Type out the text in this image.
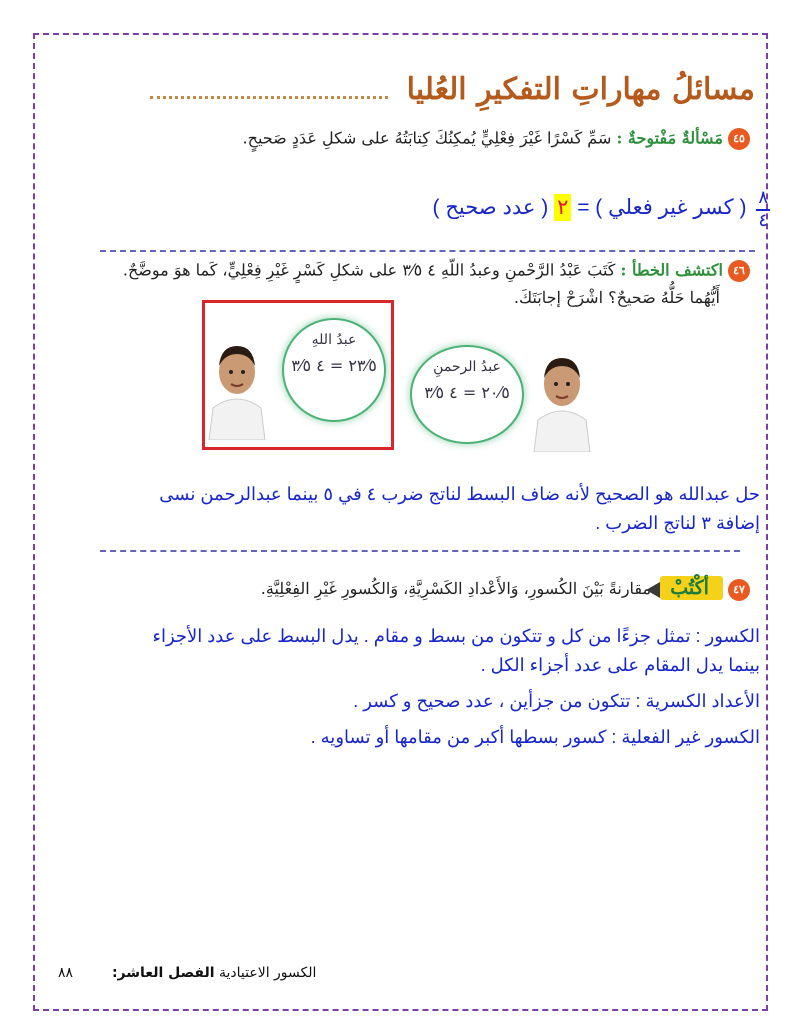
مسائلُ مهاراتِ التفكيرِ العُليا
٤٥ مَسْألةٌ مَفْتوحةٌ : سَمِّ كَسْرًا غَيْرَ فِعْلِيٍّ يُمكِنُكَ كِتابَتُهُ على شكلِ عَدَدٍ صَحيحٍ.
$\frac{٨}{٤}$
( كسر غير فعلي ) = ٢ ( عدد صحيح )
٤٦ اكتشف الخطأ : كَتَبَ عَبْدُ الرَّحْمنِ وعبدُ اللّهِ ٤ ٣⁄٥ على شكلِ كَسْرٍ غَيْرِ فِعْلِيٍّ، كَما هوَ موضَّحٌ.
أَيُّهُما حَلُّهُ صَحيحٌ؟ اشْرَحْ إجابَتَكَ.
عبدُ اللهِ
٢٣⁄٥ = ٤ ٣⁄٥	عبدُ الرحمنِ
٢٠⁄٥ = ٤ ٣⁄٥
حل عبدالله هو الصحيح لأنه ضاف البسط لناتج ضرب ٤ في ٥ بينما عبدالرحمن نسى
إضافة ٣ لناتج الضرب .
٤٧ أكْتُبْ مقارنةً بَيْنَ الكُسورِ، وَالأَعْدادِ الكَسْرِيَّةِ، وَالكُسورِ غَيْرِ الفِعْلِيَّةِ.
الكسور : تمثل جزءًا من كل و تتكون من بسط و مقام . يدل البسط على عدد الأجزاء
بينما يدل المقام على عدد أجزاء الكل .
الأعداد الكسرية : تتكون من جزأين ، عدد صحيح و كسر .
الكسور غير الفعلية : كسور بسطها أكبر من مقامها أو تساويه .
الكسور الاعتيادية الفصل العاشر:  ٨٨
